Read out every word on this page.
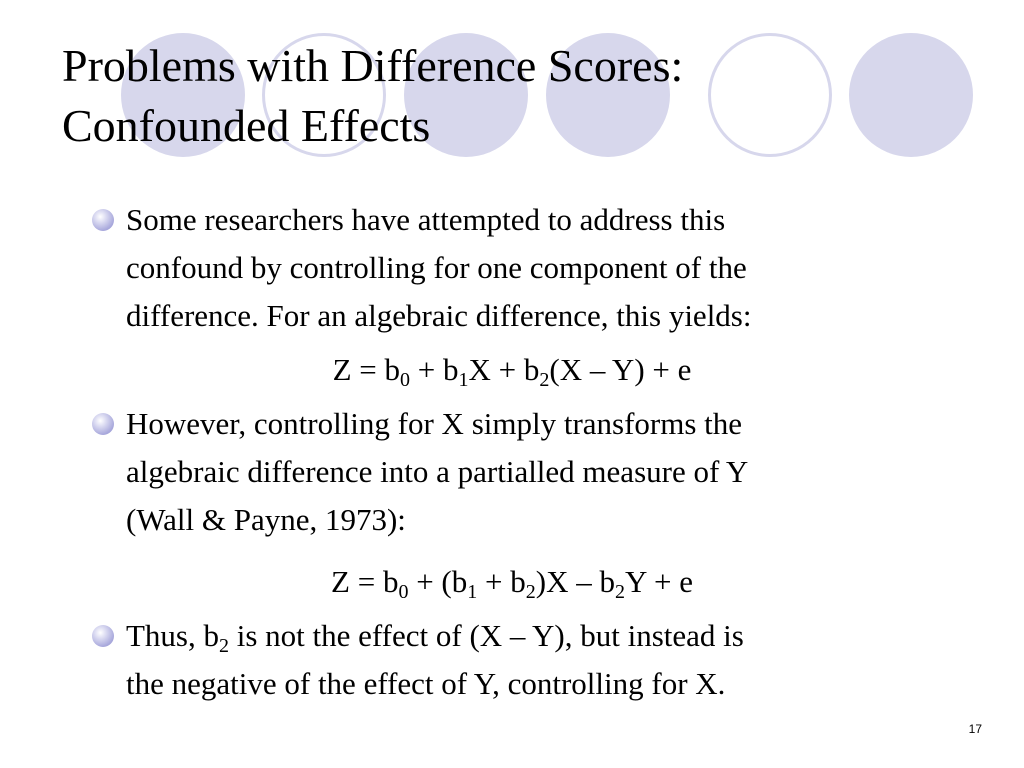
Problems with Difference Scores:
Confounded Effects
Some researchers have attempted to address this
confound by controlling for one component of the
difference. For an algebraic difference, this yields:
$Z = b_0 + b_1X + b_2(X - Y) + e$
However, controlling for X simply transforms the
algebraic difference into a partialled measure of Y
(Wall & Payne, 1973):
$Z = b_0 + (b_1 + b_2)X - b_2Y + e$
Thus, $b_2$ is not the effect of (X – Y), but instead is
the negative of the effect of Y, controlling for X.
17
